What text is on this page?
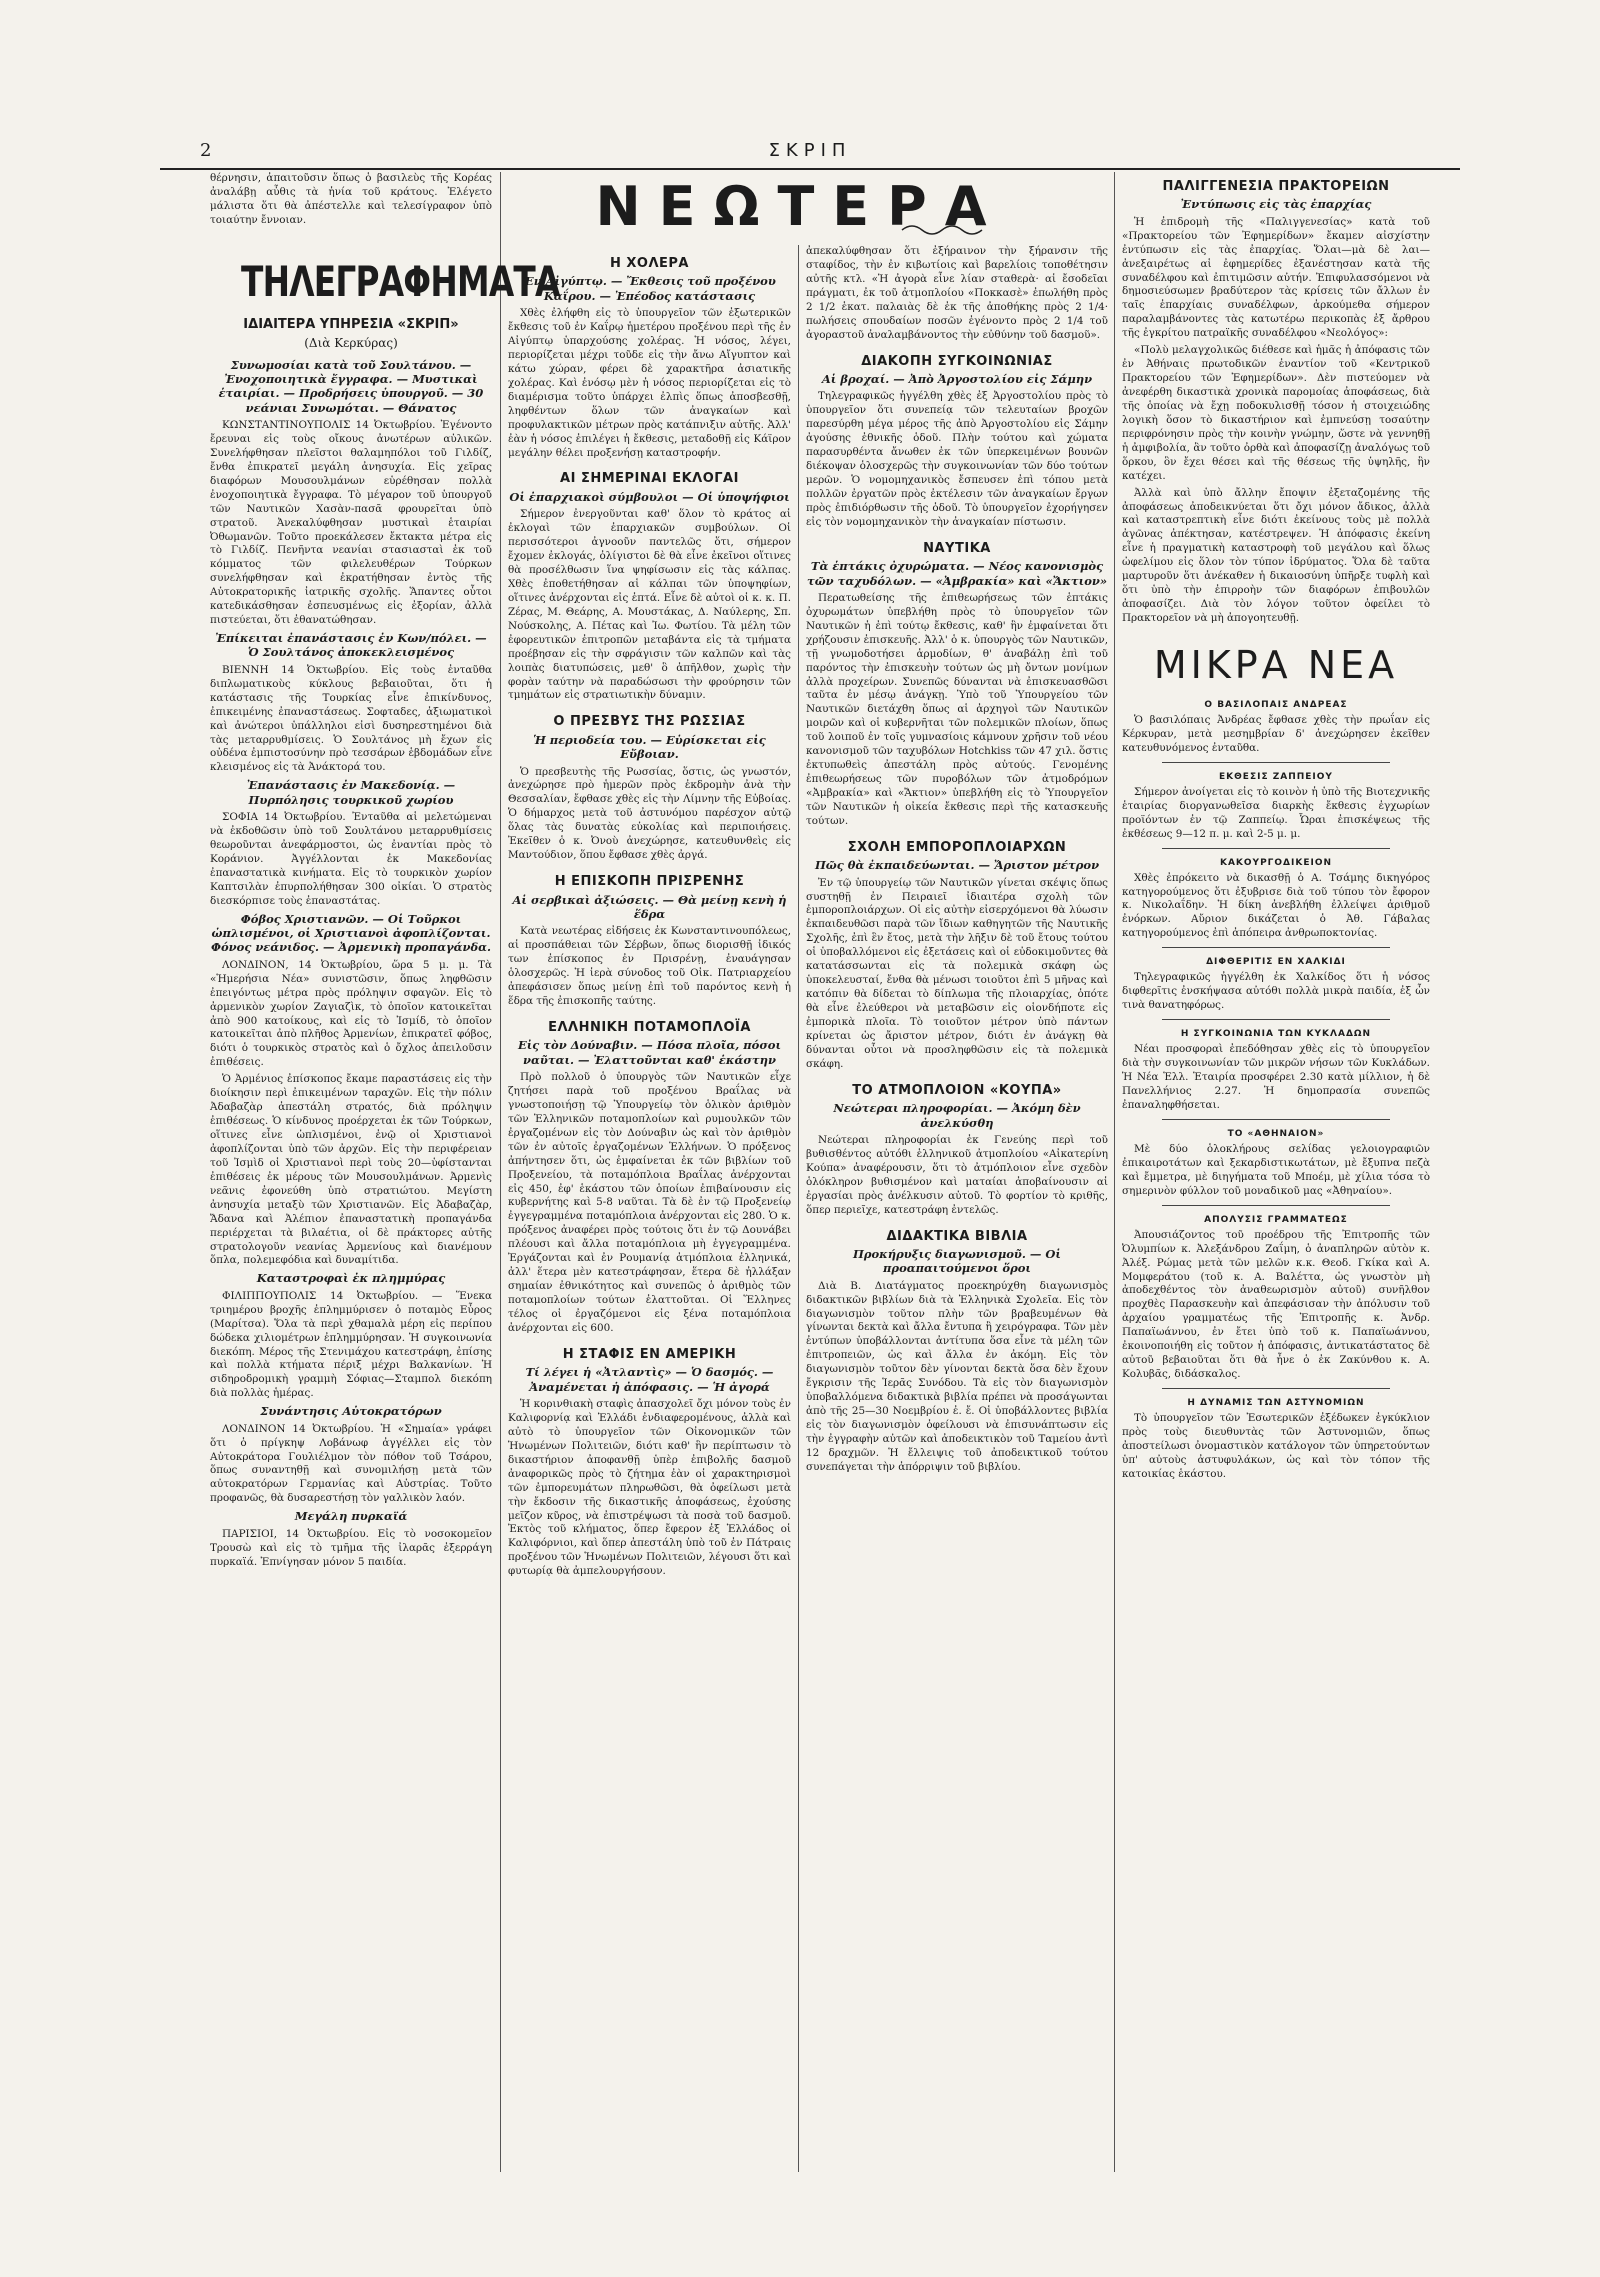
2	ΣΚΡΙΠ
θέρνησιν, ἀπαιτοῦσιν ὅπως ὁ βασιλεὺς τῆς Κορέας ἀναλάβῃ αὖθις τὰ ἡνία τοῦ κράτους. Ἐλέγετο μάλιστα ὅτι θὰ ἀπέστελλε καὶ τελεσίγραφον ὑπὸ τοιαύτην ἔννοιαν.
ΤΗΛΕΓΡΑΦΗΜΑΤΑ
ΙΔΙΑΙΤΕΡΑ ΥΠΗΡΕΣΙΑ «ΣΚΡΙΠ»
(Διὰ Κερκύρας)
Συνωμοσίαι κατὰ τοῦ Σουλτάνου. — Ἐνοχοποιητικὰ ἔγγραφα. — Μυστικαὶ ἑταιρίαι. — Προδρήσεις ὑπουργοῦ. — 30 νεάνιαι Συνωμόται. — Θάνατος

ΚΩΝΣΤΑΝΤΙΝΟΥΠΟΛΙΣ 14 Ὀκτωβρίου. Ἐγένοντο ἔρευναι εἰς τοὺς οἴκους ἀνωτέρων αὐλικῶν. Συνελήφθησαν πλεῖστοι θαλαμηπόλοι τοῦ Γιλδίζ, ἔνθα ἐπικρατεῖ μεγάλη ἀνησυχία. Εἰς χεῖρας διαφόρων Μουσουλμάνων εὑρέθησαν πολλὰ ἐνοχοποιητικὰ ἔγγραφα. Τὸ μέγαρον τοῦ ὑπουργοῦ τῶν Ναυτικῶν Χασὰν-πασᾶ φρουρεῖται ὑπὸ στρατοῦ. Ἀνεκαλύφθησαν μυστικαὶ ἑταιρίαι Ὀθωμανῶν. Τοῦτο προεκάλεσεν ἔκτακτα μέτρα εἰς τὸ Γιλδίζ. Πενῆντα νεανίαι στασιασταὶ ἐκ τοῦ κόμματος τῶν φιλελευθέρων Τούρκων συνελήφθησαν καὶ ἐκρατήθησαν ἐντὸς τῆς Αὐτοκρατορικῆς ἰατρικῆς σχολῆς. Ἅπαντες οὗτοι κατεδικάσθησαν ἐσπευσμένως εἰς ἐξορίαν, ἀλλὰ πιστεύεται, ὅτι ἐθανατώθησαν.

Ἐπίκειται ἐπανάστασις ἐν Κων/πόλει. — Ὁ Σουλτάνος ἀποκεκλεισμένος

ΒΙΕΝΝΗ 14 Ὀκτωβρίου. Εἰς τοὺς ἐνταῦθα διπλωματικοὺς κύκλους βεβαιοῦται, ὅτι ἡ κατάστασις τῆς Τουρκίας εἶνε ἐπικίνδυνος, ἐπικειμένης ἐπαναστάσεως. Σοφταδες, ἀξιωματικοὶ καὶ ἀνώτεροι ὑπάλληλοι εἰσὶ δυσηρεστημένοι διὰ τὰς μεταρρυθμίσεις. Ὁ Σουλτάνος μὴ ἔχων εἰς οὐδένα ἐμπιστοσύνην πρὸ τεσσάρων ἑβδομάδων εἶνε κλεισμένος εἰς τὰ Ἀνάκτορά του.

Ἐπανάστασις ἐν Μακεδονίᾳ. — Πυρπόλησις τουρκικοῦ χωρίου

ΣΟΦΙΑ 14 Ὀκτωβρίου. Ἐνταῦθα αἱ μελετώμεναι νὰ ἐκδοθῶσιν ὑπὸ τοῦ Σουλτάνου μεταρρυθμίσεις θεωροῦνται ἀνεφάρμοστοι, ὡς ἐναντίαι πρὸς τὸ Κοράνιον. Ἀγγέλλονται ἐκ Μακεδονίας ἐπαναστατικὰ κινήματα. Εἰς τὸ τουρκικὸν χωρίον Καπτσιλὰν ἐπυρπολήθησαν 300 οἰκίαι. Ὁ στρατὸς διεσκόρπισε τοὺς ἐπαναστάτας.

Φόβος Χριστιανῶν. — Οἱ Τοῦρκοι ὡπλισμένοι, οἱ Χριστιανοὶ ἀφοπλίζονται. Φόνος νεάνιδος. — Ἀρμενικὴ προπαγάνδα.

ΛΟΝΔΙΝΟΝ, 14 Ὀκτωβρίου, ὥρα 5 μ. μ. Τὰ «Ἡμερήσια Νέα» συνιστῶσιν, ὅπως ληφθῶσιν ἐπειγόντως μέτρα πρὸς πρόληψιν σφαγῶν. Εἰς τὸ ἀρμενικὸν χωρίον Ζαγιαζὶκ, τὸ ὁποῖον κατοικεῖται ἀπὸ 900 κατοίκους, καὶ εἰς τὸ Ἰσμίδ, τὸ ὁποῖον κατοικεῖται ἀπὸ πλῆθος Ἀρμενίων, ἐπικρατεῖ φόβος, διότι ὁ τουρκικὸς στρατὸς καὶ ὁ ὄχλος ἀπειλοῦσιν ἐπιθέσεις.

Ὁ Ἀρμένιος ἐπίσκοπος ἔκαμε παραστάσεις εἰς τὴν διοίκησιν περὶ ἐπικειμένων ταραχῶν. Εἰς τὴν πόλιν Ἀδαβαζὰρ ἀπεστάλη στρατός, διὰ πρόληψιν ἐπιθέσεως. Ὁ κίνδυνος προέρχεται ἐκ τῶν Τούρκων, οἵτινες εἶνε ὡπλισμένοι, ἐνῷ οἱ Χριστιανοὶ ἀφοπλίζονται ὑπὸ τῶν ἀρχῶν. Εἰς τὴν περιφέρειαν τοῦ Ἰσμὶδ οἱ Χριστιανοὶ περὶ τοὺς 20—ὑφίστανται ἐπιθέσεις ἐκ μέρους τῶν Μουσουλμάνων. Ἀρμενὶς νεᾶνις ἐφονεύθη ὑπὸ στρατιώτου. Μεγίστη ἀνησυχία μεταξὺ τῶν Χριστιανῶν. Εἰς Ἀδαβαζὰρ, Ἄδανα καὶ Ἀλέπιον ἐπαναστατικὴ προπαγάνδα περιέρχεται τὰ βιλαέτια, οἱ δὲ πράκτορες αὐτῆς στρατολογοῦν νεανίας Ἀρμενίους καὶ διανέμουν ὅπλα, πολεμεφόδια καὶ δυναμίτιδα.

Καταστροφαὶ ἐκ πλημμύρας

ΦΙΛΙΠΠΟΥΠΟΛΙΣ 14 Ὀκτωβρίου. — Ἕνεκα τριημέρου βροχῆς ἐπλημμύρισεν ὁ ποταμὸς Εὖρος (Μαρίτσα). Ὅλα τὰ περὶ χθαμαλὰ μέρη εἰς περίπου δώδεκα χιλιομέτρων ἐπλημμύρησαν. Ἡ συγκοινωνία διεκόπη. Μέρος τῆς Στενιμάχου κατεστράφη, ἐπίσης καὶ πολλὰ κτήματα πέριξ μέχρι Βαλκανίων. Ἡ σιδηροδρομικὴ γραμμὴ Σόφιας—Σταμπολ διεκόπη διὰ πολλὰς ἡμέρας.

Συνάντησις Αὐτοκρατόρων

ΛΟΝΔΙΝΟΝ 14 Ὀκτωβρίου. Ἡ «Σημαία» γράφει ὅτι ὁ πρίγκηψ Λοβάνωφ ἀγγέλλει εἰς τὸν Αὐτοκράτορα Γουλιέλμον τὸν πόθον τοῦ Τσάρου, ὅπως συναντηθῇ καὶ συνομιλήσῃ μετὰ τῶν αὐτοκρατόρων Γερμανίας καὶ Αὐστρίας. Τοῦτο προφανῶς, θὰ δυσαρεστήσῃ τὸν γαλλικὸν λαόν.

Μεγάλη πυρκαϊά

ΠΑΡΙΣΙΟΙ, 14 Ὀκτωβρίου. Εἰς τὸ νοσοκομεῖον Τρουσὼ καὶ εἰς τὸ τμῆμα τῆς ἰλαρᾶς ἐξερράγη πυρκαϊά. Ἐπνίγησαν μόνον 5 παιδία.

ΝΕΩΤΕΡΑ
Η ΧΟΛΕΡΑ
Ἐν Αἰγύπτῳ. — Ἔκθεσις τοῦ προξένου Καΐρου. — Ἐπέοδος κατάστασις

Χθὲς ἐλήφθη εἰς τὸ ὑπουργεῖον τῶν ἐξωτερικῶν ἔκθεσις τοῦ ἐν Καΐρῳ ἡμετέρου προξένου περὶ τῆς ἐν Αἰγύπτῳ ὑπαρχούσης χολέρας. Ἡ νόσος, λέγει, περιορίζεται μέχρι τοῦδε εἰς τὴν ἄνω Αἴγυπτον καὶ κάτω χώραν, φέρει δὲ χαρακτῆρα ἀσιατικῆς χολέρας. Καὶ ἐνόσῳ μὲν ἡ νόσος περιορίζεται εἰς τὸ διαμέρισμα τοῦτο ὑπάρχει ἐλπὶς ὅπως ἀποσβεσθῇ, ληφθέντων ὅλων τῶν ἀναγκαίων καὶ προφυλακτικῶν μέτρων πρὸς κατάπνιξιν αὐτῆς. Ἀλλ' ἐὰν ἡ νόσος ἐπιλέγει ἡ ἔκθεσις, μεταδοθῇ εἰς Κάϊρον μεγάλην θέλει προξενήσῃ καταστροφήν.

ΑΙ ΣΗΜΕΡΙΝΑΙ ΕΚΛΟΓΑΙ
Οἱ ἐπαρχιακοὶ σύμβουλοι — Οἱ ὑποψήφιοι

Σήμερον ἐνεργοῦνται καθ' ὅλον τὸ κράτος αἱ ἐκλογαὶ τῶν ἐπαρχιακῶν συμβούλων. Οἱ περισσότεροι ἀγνοοῦν παντελῶς ὅτι, σήμερον ἔχομεν ἐκλογάς, ὀλίγιστοι δὲ θὰ εἶνε ἐκεῖνοι οἵτινες θὰ προσέλθωσιν ἵνα ψηφίσωσιν εἰς τὰς κάλπας. Χθὲς ἐποθετήθησαν αἱ κάλπαι τῶν ὑποψηφίων, οἵτινες ἀνέρχονται εἰς ἑπτά. Εἶνε δὲ αὐτοὶ οἱ κ. κ. Π. Ζέρας, Μ. Θεάρης, Α. Μουστάκας, Δ. Ναύλερης, Σπ. Νούσκολης, Α. Πέτας καὶ Ἰω. Φωτίου. Τὰ μέλη τῶν ἐφορευτικῶν ἐπιτροπῶν μεταβάντα εἰς τὰ τμήματα προέβησαν εἰς τὴν σφράγισιν τῶν καλπῶν καὶ τὰς λοιπὰς διατυπώσεις, μεθ' ὃ ἀπῆλθον, χωρὶς τὴν φορὰν ταύτην νὰ παραδώσωσι τὴν φρούρησιν τῶν τμημάτων εἰς στρατιωτικὴν δύναμιν.

Ο ΠΡΕΣΒΥΣ ΤΗΣ ΡΩΣΣΙΑΣ
Ἡ περιοδεία του. — Εὑρίσκεται εἰς Εὔβοιαν.

Ὁ πρεσβευτὴς τῆς Ρωσσίας, ὅστις, ὡς γνωστόν, ἀνεχώρησε πρὸ ἡμερῶν πρὸς ἐκδρομὴν ἀνὰ τὴν Θεσσαλίαν, ἔφθασε χθὲς εἰς τὴν Λίμνην τῆς Εὐβοίας. Ὁ δήμαρχος μετὰ τοῦ ἀστυνόμου παρέσχον αὐτῷ ὅλας τὰς δυνατὰς εὐκολίας καὶ περιποιήσεις. Ἐκεῖθεν ὁ κ. Ὀνοὺ ἀνεχώρησε, κατευθυνθεὶς εἰς Μαντούδιον, ὅπου ἔφθασε χθὲς ἀργά.

Η ΕΠΙΣΚΟΠΗ ΠΡΙΣΡΕΝΗΣ
Αἱ σερβικαὶ ἀξιώσεις. — Θὰ μείνῃ κενὴ ἡ ἕδρα

Κατὰ νεωτέρας εἰδήσεις ἐκ Κωνσταντινουπόλεως, αἱ προσπάθειαι τῶν Σέρβων, ὅπως διορισθῇ ἰδικός των ἐπίσκοπος ἐν Πρισρένῃ, ἐναυάγησαν ὁλοσχερῶς. Ἡ ἱερὰ σύνοδος τοῦ Οἰκ. Πατριαρχείου ἀπεφάσισεν ὅπως μείνῃ ἐπὶ τοῦ παρόντος κενὴ ἡ ἕδρα τῆς ἐπισκοπῆς ταύτης.

ΕΛΛΗΝΙΚΗ ΠΟΤΑΜΟΠΛΟΪΑ
Εἰς τὸν Δούναβιν. — Πόσα πλοῖα, πόσοι ναῦται. — Ἐλαττοῦνται καθ' ἑκάστην

Πρὸ πολλοῦ ὁ ὑπουργὸς τῶν Ναυτικῶν εἶχε ζητήσει παρὰ τοῦ προξένου Βραΐλας νὰ γνωστοποιήσῃ τῷ Ὑπουργείῳ τὸν ὁλικὸν ἀριθμὸν τῶν Ἑλληνικῶν ποταμοπλοίων καὶ ρυμουλκῶν τῶν ἐργαζομένων εἰς τὸν Δούναβιν ὡς καὶ τὸν ἀριθμὸν τῶν ἐν αὐτοῖς ἐργαζομένων Ἑλλήνων. Ὁ πρόξενος ἀπήντησεν ὅτι, ὡς ἐμφαίνεται ἐκ τῶν βιβλίων τοῦ Προξενείου, τὰ ποταμόπλοια Βραΐλας ἀνέρχονται εἰς 450, ἐφ' ἑκάστου τῶν ὁποίων ἐπιβαίνουσιν εἰς κυβερνήτης καὶ 5-8 ναῦται. Τὰ δὲ ἐν τῷ Προξενείῳ ἐγγεγραμμένα ποταμόπλοια ἀνέρχονται εἰς 280. Ὁ κ. πρόξενος ἀναφέρει πρὸς τούτοις ὅτι ἐν τῷ Δουνάβει πλέουσι καὶ ἄλλα ποταμόπλοια μὴ ἐγγεγραμμένα. Ἐργάζονται καὶ ἐν Ρουμανίᾳ ἀτμόπλοια ἑλληνικά, ἀλλ' ἕτερα μὲν κατεστράφησαν, ἕτερα δὲ ἠλλάξαν σημαίαν ἐθνικότητος καὶ συνεπῶς ὁ ἀριθμὸς τῶν ποταμοπλοίων τούτων ἐλαττοῦται. Οἱ Ἕλληνες τέλος οἱ ἐργαζόμενοι εἰς ξένα ποταμόπλοια ἀνέρχονται εἰς 600.

Η ΣΤΑΦΙΣ ΕΝ ΑΜΕΡΙΚΗ
Τί λέγει ἡ «Ἀτλαντὶς» — Ὁ δασμός. — Ἀναμένεται ἡ ἀπόφασις. — Ἡ ἀγορά

Ἡ κορινθιακὴ σταφὶς ἀπασχολεῖ ὄχι μόνον τοὺς ἐν Καλιφορνίᾳ καὶ Ἑλλάδι ἐνδιαφερομένους, ἀλλὰ καὶ αὐτὸ τὸ ὑπουργεῖον τῶν Οἰκονομικῶν τῶν Ἡνωμένων Πολιτειῶν, διότι καθ' ἣν περίπτωσιν τὸ δικαστήριον ἀποφανθῇ ὑπὲρ ἐπιβολῆς δασμοῦ ἀναφορικῶς πρὸς τὸ ζήτημα ἐὰν οἱ χαρακτηρισμοὶ τῶν ἐμπορευμάτων πληρωθῶσι, θὰ ὀφείλωσι μετὰ τὴν ἔκδοσιν τῆς δικαστικῆς ἀποφάσεως, ἐχούσης μεῖζον κῦρος, νὰ ἐπιστρέψωσι τὰ ποσὰ τοῦ δασμοῦ. Ἐκτὸς τοῦ κλήματος, ὅπερ ἔφερον ἐξ Ἑλλάδος οἱ Καλιφόρνιοι, καὶ ὅπερ ἀπεστάλη ὑπὸ τοῦ ἐν Πάτραις προξένου τῶν Ἡνωμένων Πολιτειῶν, λέγουσι ὅτι καὶ φυτωρίᾳ θὰ ἀμπελουργήσουν.

ἀπεκαλύφθησαν ὅτι ἐξήραινον τὴν ξήρανσιν τῆς σταφίδος, τὴν ἐν κιβωτίοις καὶ βαρελίοις τοποθέτησιν αὐτῆς κτλ. «Ἡ ἀγορὰ εἶνε λίαν σταθερὰ· αἱ ἔσοδεῖαι πράγματι, ἐκ τοῦ ἀτμοπλοίου «Ποκκασὲ» ἐπωλήθη πρὸς 2 1/2 ἑκατ. παλαιὰς δὲ ἐκ τῆς ἀποθήκης πρὸς 2 1/4· πωλήσεις σπουδαίων ποσῶν ἐγένοντο πρὸς 2 1/4 τοῦ ἀγοραστοῦ ἀναλαμβάνοντος τὴν εὐθύνην τοῦ δασμοῦ».

ΔΙΑΚΟΠΗ ΣΥΓΚΟΙΝΩΝΙΑΣ
Αἱ βροχαί. — Ἀπὸ Ἀργοστολίου εἰς Σάμην

Τηλεγραφικῶς ἠγγέλθη χθὲς ἐξ Ἀργοστολίου πρὸς τὸ ὑπουργεῖον ὅτι συνεπείᾳ τῶν τελευταίων βροχῶν παρεσύρθη μέγα μέρος τῆς ἀπὸ Ἀργοστολίου εἰς Σάμην ἀγούσης ἐθνικῆς ὁδοῦ. Πλὴν τούτου καὶ χώματα παρασυρθέντα ἄνωθεν ἐκ τῶν ὑπερκειμένων βουνῶν διέκοψαν ὁλοσχερῶς τὴν συγκοινωνίαν τῶν δύο τούτων μερῶν. Ὁ νομομηχανικὸς ἔσπευσεν ἐπὶ τόπου μετὰ πολλῶν ἐργατῶν πρὸς ἐκτέλεσιν τῶν ἀναγκαίων ἔργων πρὸς ἐπιδιόρθωσιν τῆς ὁδοῦ. Τὸ ὑπουργεῖον ἐχορήγησεν εἰς τὸν νομομηχανικὸν τὴν ἀναγκαίαν πίστωσιν.

ΝΑΥΤΙΚΑ
Τὰ ἑπτάκις ὀχυρώματα. — Νέος κανονισμὸς τῶν ταχυδόλων. — «Ἀμβρακία» καὶ «Ἄκτιον»

Περατωθείσης τῆς ἐπιθεωρήσεως τῶν ἑπτάκις ὀχυρωμάτων ὑπεβλήθη πρὸς τὸ ὑπουργεῖον τῶν Ναυτικῶν ἡ ἐπὶ τούτῳ ἔκθεσις, καθ' ἣν ἐμφαίνεται ὅτι χρήζουσιν ἐπισκευῆς. Ἀλλ' ὁ κ. ὑπουργὸς τῶν Ναυτικῶν, τῇ γνωμοδοτήσει ἁρμοδίων, θ' ἀναβάλῃ ἐπὶ τοῦ παρόντος τὴν ἐπισκευὴν τούτων ὡς μὴ ὄντων μονίμων ἀλλὰ προχείρων. Συνεπῶς δύνανται νὰ ἐπισκευασθῶσι ταῦτα ἐν μέσῳ ἀνάγκῃ. Ὑπὸ τοῦ Ὑπουργείου τῶν Ναυτικῶν διετάχθη ὅπως αἱ ἀρχηγοὶ τῶν Ναυτικῶν μοιρῶν καὶ οἱ κυβερνῆται τῶν πολεμικῶν πλοίων, ὅπως τοῦ λοιποῦ ἐν τοῖς γυμνασίοις κάμνουν χρῆσιν τοῦ νέου κανονισμοῦ τῶν ταχυβόλων Hotchkiss τῶν 47 χιλ. ὅστις ἐκτυπωθεὶς ἀπεστάλη πρὸς αὐτούς. Γενομένης ἐπιθεωρήσεως τῶν πυροβόλων τῶν ἀτμοδρόμων «Ἀμβρακία» καὶ «Ἄκτιον» ὑπεβλήθη εἰς τὸ Ὑπουργεῖον τῶν Ναυτικῶν ἡ οἰκεία ἔκθεσις περὶ τῆς κατασκευῆς τούτων.

ΣΧΟΛΗ ΕΜΠΟΡΟΠΛΟΙΑΡΧΩΝ
Πῶς θὰ ἐκπαιδεύωνται. — Ἄριστον μέτρον

Ἐν τῷ ὑπουργείῳ τῶν Ναυτικῶν γίνεται σκέψις ὅπως συστηθῇ ἐν Πειραιεῖ ἰδιαιτέρα σχολὴ τῶν ἐμποροπλοιάρχων. Οἱ εἰς αὐτὴν εἰσερχόμενοι θὰ λύωσιν ἐκπαιδευθῶσι παρὰ τῶν ἴδιων καθηγητῶν τῆς Ναυτικῆς Σχολῆς, ἐπὶ ἓν ἔτος, μετὰ τὴν λῆξιν δὲ τοῦ ἔτους τούτου οἱ ὑποβαλλόμενοι εἰς ἐξετάσεις καὶ οἱ εὐδοκιμοῦντες θὰ κατατάσσωνται εἰς τὰ πολεμικὰ σκάφη ὡς ὑποκελευσταί, ἔνθα θὰ μένωσι τοιοῦτοι ἐπὶ 5 μῆνας καὶ κατόπιν θὰ δίδεται τὸ δίπλωμα τῆς πλοιαρχίας, ὁπότε θὰ εἶνε ἐλεύθεροι νὰ μεταβῶσιν εἰς οἱονδήποτε εἰς ἐμπορικὰ πλοῖα. Τὸ τοιοῦτον μέτρον ὑπὸ πάντων κρίνεται ὡς ἄριστον μέτρον, διότι ἐν ἀνάγκῃ θὰ δύνανται οὗτοι νὰ προσληφθῶσιν εἰς τὰ πολεμικὰ σκάφη.

ΤΟ ΑΤΜΟΠΛΟΙΟΝ «ΚΟΥΠΑ»
Νεώτεραι πληροφορίαι. — Ἀκόμη δὲν ἀνελκύσθη

Νεώτεραι πληροφορίαι ἐκ Γενεύης περὶ τοῦ βυθισθέντος αὐτόθι ἑλληνικοῦ ἀτμοπλοίου «Αἰκατερίνη Κούπα» ἀναφέρουσιν, ὅτι τὸ ἀτμόπλοιον εἶνε σχεδὸν ὁλόκληρον βυθισμένον καὶ ματαίαι ἀποβαίνουσιν αἱ ἐργασίαι πρὸς ἀνέλκυσιν αὐτοῦ. Τὸ φορτίον τὸ κριθῆς, ὅπερ περιεῖχε, κατεστράφη ἐντελῶς.

ΔΙΔΑΚΤΙΚΑ ΒΙΒΛΙΑ
Προκήρυξις διαγωνισμοῦ. — Οἱ προαπαιτούμενοι ὅροι

Διὰ Β. Διατάγματος προεκηρύχθη διαγωνισμὸς διδακτικῶν βιβλίων διὰ τὰ Ἑλληνικὰ Σχολεῖα. Εἰς τὸν διαγωνισμὸν τοῦτον πλὴν τῶν βραβευμένων θὰ γίνωνται δεκτὰ καὶ ἄλλα ἔντυπα ἢ χειρόγραφα. Τῶν μὲν ἐντύπων ὑποβάλλονται ἀντίτυπα ὅσα εἶνε τὰ μέλη τῶν ἐπιτροπειῶν, ὡς καὶ ἄλλα ἐν ἀκόμη. Εἰς τὸν διαγωνισμὸν τοῦτον δὲν γίνονται δεκτὰ ὅσα δὲν ἔχουν ἔγκρισιν τῆς Ἱερᾶς Συνόδου. Τὰ εἰς τὸν διαγωνισμὸν ὑποβαλλόμενα διδακτικὰ βιβλία πρέπει νὰ προσάγωνται ἀπὸ τῆς 25—30 Νοεμβρίου ἐ. ἔ. Οἱ ὑποβάλλοντες βιβλία εἰς τὸν διαγωνισμὸν ὀφείλουσι νὰ ἐπισυνάπτωσιν εἰς τὴν ἐγγραφὴν αὐτῶν καὶ ἀποδεικτικὸν τοῦ Ταμείου ἀντὶ 12 δραχμῶν. Ἡ ἔλλειψις τοῦ ἀποδεικτικοῦ τούτου συνεπάγεται τὴν ἀπόρριψιν τοῦ βιβλίου.

ΠΑΛΙΓΓΕΝΕΣΙΑ ΠΡΑΚΤΟΡΕΙΩΝ
Ἐντύπωσις εἰς τὰς ἐπαρχίας

Ἡ ἐπιδρομὴ τῆς «Παλιγγενεσίας» κατὰ τοῦ «Πρακτορείου τῶν Ἐφημερίδων» ἔκαμεν αἰσχίστην ἐντύπωσιν εἰς τὰς ἐπαρχίας. Ὅλαι—μὰ δὲ λαι—ἀνεξαιρέτως αἱ ἐφημερίδες ἐξανέστησαν κατὰ τῆς συναδέλφου καὶ ἐπιτιμῶσιν αὐτήν. Ἐπιφυλασσόμενοι νὰ δημοσιεύσωμεν βραδύτερον τὰς κρίσεις τῶν ἄλλων ἐν ταῖς ἐπαρχίαις συναδέλφων, ἀρκούμεθα σήμερον παραλαμβάνοντες τὰς κατωτέρω περικοπὰς ἐξ ἄρθρου τῆς ἐγκρίτου πατραϊκῆς συναδέλφου «Νεολόγος»:

«Πολὺ μελαγχολικῶς διέθεσε καὶ ἡμᾶς ἡ ἀπόφασις τῶν ἐν Ἀθήναις πρωτοδικῶν ἐναντίον τοῦ «Κεντρικοῦ Πρακτορείου τῶν Ἐφημερίδων». Δὲν πιστεύομεν νὰ ἀνεφέρθη δικαστικὰ χρονικὰ παρομοίας ἀποφάσεως, διὰ τῆς ὁποίας νὰ ἔχῃ ποδοκυλισθῇ τόσον ἡ στοιχειώδης λογικὴ ὅσον τὸ δικαστήριον καὶ ἐμπνεύσῃ τοσαύτην περιφρόνησιν πρὸς τὴν κοινὴν γνώμην, ὥστε νὰ γεννηθῇ ἡ ἀμφιβολία, ἂν τοῦτο ὀρθὰ καὶ ἀποφασίζῃ ἀναλόγως τοῦ ὅρκου, ὃν ἔχει θέσει καὶ τῆς θέσεως τῆς ὑψηλῆς, ἣν κατέχει.

Ἀλλὰ καὶ ὑπὸ ἄλλην ἔποψιν ἐξεταζομένης τῆς ἀποφάσεως ἀποδεικνύεται ὅτι ὄχι μόνον ἄδικος, ἀλλὰ καὶ καταστρεπτικὴ εἶνε διότι ἐκείνους τοὺς μὲ πολλὰ ἀγῶνας ἀπέκτησαν, κατέστρεψεν. Ἡ ἀπόφασις ἐκείνη εἶνε ἡ πραγματικὴ καταστροφὴ τοῦ μεγάλου καὶ ὅλως ὠφελίμου εἰς ὅλον τὸν τύπον ἱδρύματος. Ὅλα δὲ ταῦτα μαρτυροῦν ὅτι ἀνέκαθεν ἡ δικαιοσύνη ὑπῆρξε τυφλὴ καὶ ὅτι ὑπὸ τὴν ἐπιρροὴν τῶν διαφόρων ἐπιβουλῶν ἀποφασίζει. Διὰ τὸν λόγον τοῦτον ὀφείλει τὸ Πρακτορεῖον νὰ μὴ ἀπογοητευθῇ.

ΜΙΚΡΑ ΝΕΑ
Ο ΒΑΣΙΛΟΠΑΙΣ ΑΝΔΡΕΑΣ

Ὁ βασιλόπαις Ἀνδρέας ἔφθασε χθὲς τὴν πρωΐαν εἰς Κέρκυραν, μετὰ μεσημβρίαν δ' ἀνεχώρησεν ἐκεῖθεν κατευθυνόμενος ἐνταῦθα.

ΕΚΘΕΣΙΣ ΖΑΠΠΕΙΟΥ

Σήμερον ἀνοίγεται εἰς τὸ κοινὸν ἡ ὑπὸ τῆς Βιοτεχνικῆς ἑταιρίας διοργανωθεῖσα διαρκὴς ἔκθεσις ἐγχωρίων προϊόντων ἐν τῷ Ζαππείῳ. Ὧραι ἐπισκέψεως τῆς ἐκθέσεως 9—12 π. μ. καὶ 2-5 μ. μ.

ΚΑΚΟΥΡΓΟΔΙΚΕΙΟΝ

Χθὲς ἐπρόκειτο νὰ δικασθῇ ὁ Α. Τσάμης δικηγόρος κατηγορούμενος ὅτι ἐξυβρισε διὰ τοῦ τύπου τὸν ἔφορον κ. Νικολαΐδην. Ἡ δίκη ἀνεβλήθη ἐλλείψει ἀριθμοῦ ἐνόρκων. Αὔριον δικάζεται ὁ Ἀθ. Γάβαλας κατηγορούμενος ἐπὶ ἀπόπειρα ἀνθρωποκτονίας.

ΔΙΦΘΕΡΙΤΙΣ ΕΝ ΧΑΛΚΙΔΙ

Τηλεγραφικῶς ἠγγέλθη ἐκ Χαλκίδος ὅτι ἡ νόσος διφθερῖτις ἐνσκήψασα αὐτόθι πολλὰ μικρὰ παιδία, ἐξ ὧν τινὰ θανατηφόρως.

Η ΣΥΓΚΟΙΝΩΝΙΑ ΤΩΝ ΚΥΚΛΑΔΩΝ

Νέαι προσφοραὶ ἐπεδόθησαν χθὲς εἰς τὸ ὑπουργεῖον διὰ τὴν συγκοινωνίαν τῶν μικρῶν νήσων τῶν Κυκλάδων. Ἡ Νέα Ἑλλ. Ἑταιρία προσφέρει 2.30 κατὰ μίλλιον, ἡ δὲ Πανελλήνιος 2.27. Ἡ δημοπρασία συνεπῶς ἐπαναληφθήσεται.

ΤΟ «ΑΘΗΝΑΙΟΝ»

Μὲ δύο ὁλοκλήρους σελίδας γελοιογραφιῶν ἐπικαιροτάτων καὶ ξεκαρδιστικωτάτων, μὲ ἔξυπνα πεζὰ καὶ ἔμμετρα, μὲ διηγήματα τοῦ Μποέμ, μὲ χίλια τόσα τὸ σημερινὸν φύλλον τοῦ μοναδικοῦ μας «Ἀθηναίου».

ΑΠΟΛΥΣΙΣ ΓΡΑΜΜΑΤΕΩΣ

Ἀπουσιάζοντος τοῦ προέδρου τῆς Ἐπιτροπῆς τῶν Ὀλυμπίων κ. Ἀλεξάνδρου Ζαΐμη, ὁ ἀναπληρῶν αὐτὸν κ. Ἀλέξ. Ρώμας μετὰ τῶν μελῶν κ.κ. Θεοδ. Γκίκα καὶ Α. Μομφεράτου (τοῦ κ. Α. Βαλέττα, ὡς γνωστὸν μὴ ἀποδεχθέντος τὸν ἀναθεωρισμὸν αὐτοῦ) συνῆλθον προχθὲς Παρασκευὴν καὶ ἀπεφάσισαν τὴν ἀπόλυσιν τοῦ ἀρχαίου γραμματέως τῆς Ἐπιτροπῆς κ. Ἀνδρ. Παπαϊωάννου, ἐν ἔτει ὑπὸ τοῦ κ. Παπαϊωάννου, ἐκοινοποιήθη εἰς τοῦτον ἡ ἀπόφασις, ἀντικατάστατος δὲ αὐτοῦ βεβαιοῦται ὅτι θὰ ἦνε ὁ ἐκ Ζακύνθου κ. Α. Κολυβᾶς, διδάσκαλος.

Η ΔΥΝΑΜΙΣ ΤΩΝ ΑΣΤΥΝΟΜΙΩΝ

Τὸ ὑπουργεῖον τῶν Ἐσωτερικῶν ἐξέδωκεν ἐγκύκλιον πρὸς τοὺς διευθυντὰς τῶν Ἀστυνομιῶν, ὅπως ἀποστείλωσι ὀνομαστικὸν κατάλογον τῶν ὑπηρετούντων ὑπ' αὐτοὺς ἀστυφυλάκων, ὡς καὶ τὸν τόπον τῆς κατοικίας ἑκάστου.
